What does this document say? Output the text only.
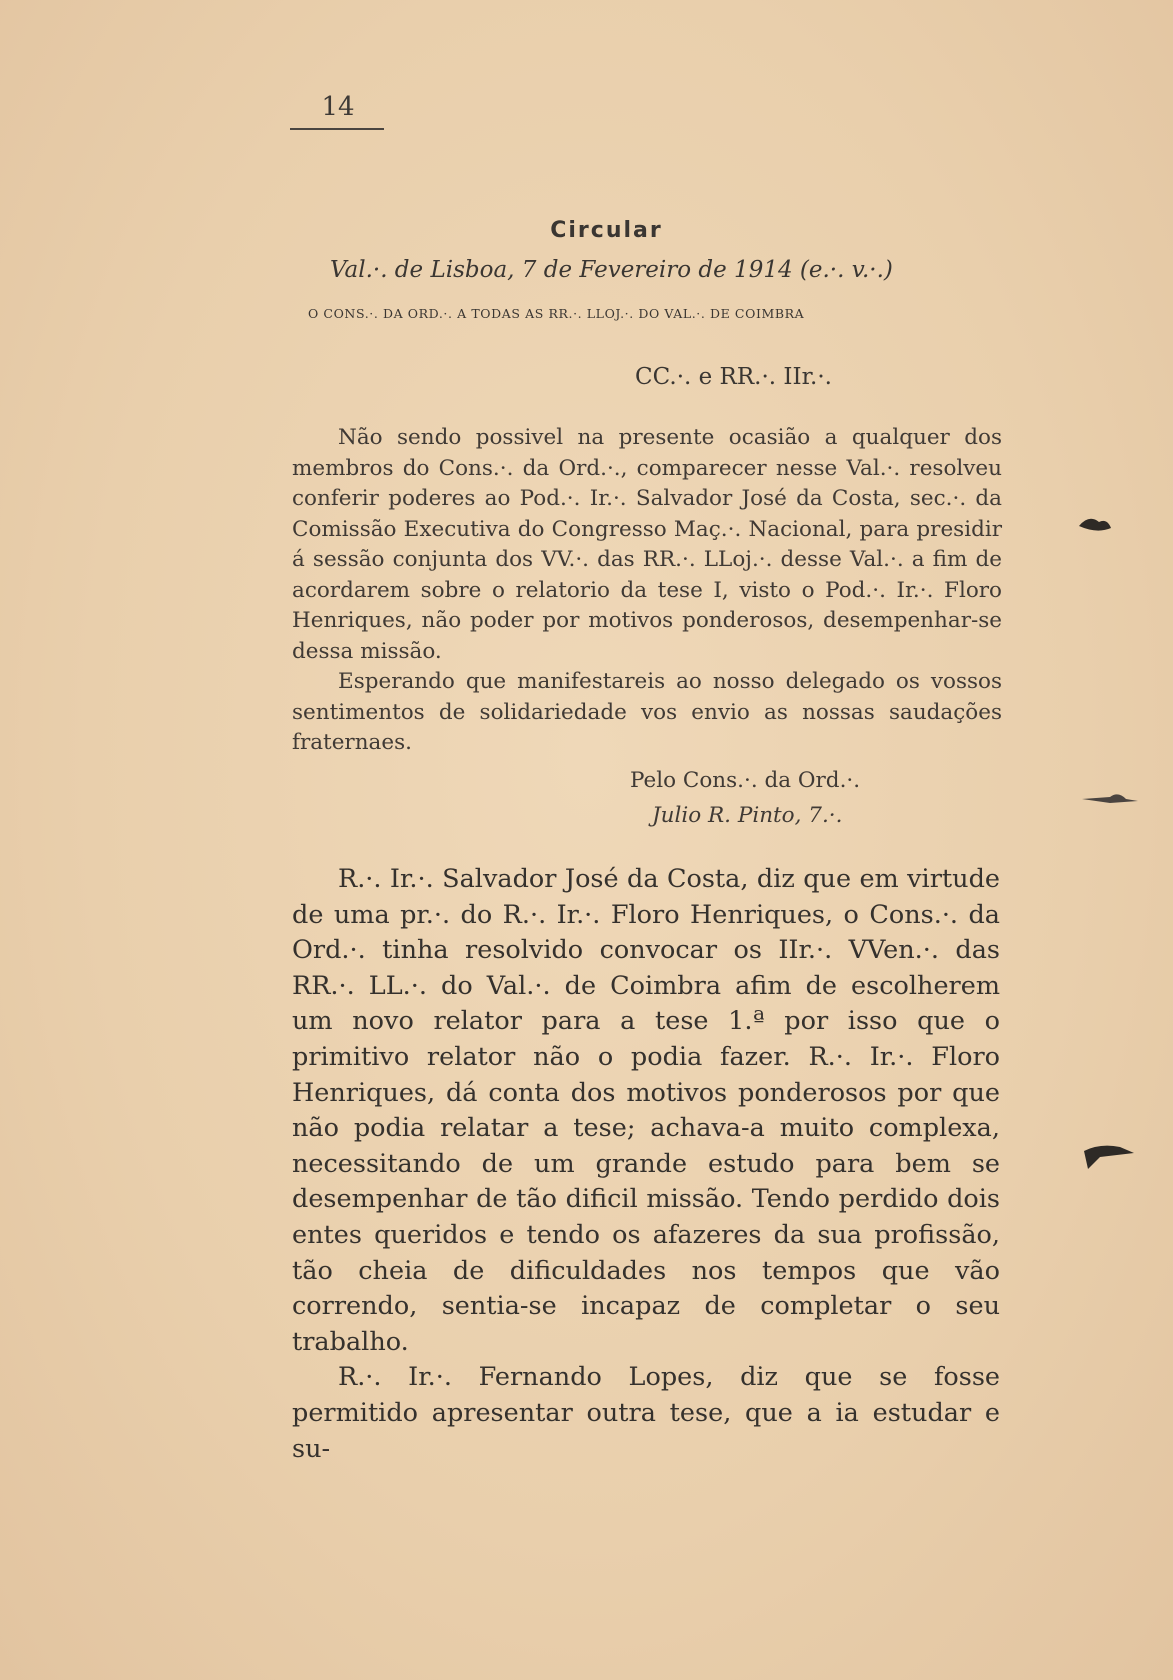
14
Circular
Val.·. de Lisboa, 7 de Fevereiro de 1914 (e.·. v.·.)
O CONS.·. DA ORD.·. A TODAS AS RR.·. LLOJ.·. DO VAL.·. DE COIMBRA
CC.·. e RR.·. IIr.·.

Não sendo possivel na presente ocasião a qualquer dos membros do Cons.·. da Ord.·., comparecer nesse Val.·. resolveu conferir poderes ao Pod.·. Ir.·. Salvador José da Costa, sec.·. da Comissão Executiva do Congresso Maç.·. Nacional, para presidir á sessão conjunta dos VV.·. das RR.·. LLoj.·. desse Val.·. a fim de acordarem sobre o relatorio da tese I, visto o Pod.·. Ir.·. Floro Henriques, não poder por motivos ponderosos, desempenhar-se dessa missão.

Esperando que manifestareis ao nosso delegado os vossos sentimentos de solidariedade vos envio as nossas saudações fraternaes.

Pelo Cons.·. da Ord.·.
Julio R. Pinto, 7.·.

R.·. Ir.·. Salvador José da Costa, diz que em virtude de uma pr.·. do R.·. Ir.·. Floro Henriques, o Cons.·. da Ord.·. tinha resolvido convocar os IIr.·. VVen.·. das RR.·. LL.·. do Val.·. de Coimbra afim de escolherem um novo relator para a tese 1.ª por isso que o primitivo relator não o podia fazer. R.·. Ir.·. Floro Henriques, dá conta dos motivos ponderosos por que não podia relatar a tese; achava-a muito complexa, necessitando de um grande estudo para bem se desempenhar de tão dificil missão. Tendo perdido dois entes queridos e tendo os afazeres da sua profissão, tão cheia de dificuldades nos tempos que vão correndo, sentia-se incapaz de completar o seu trabalho.

R.·. Ir.·. Fernando Lopes, diz que se fosse permitido apresentar outra tese, que a ia estudar e su-
